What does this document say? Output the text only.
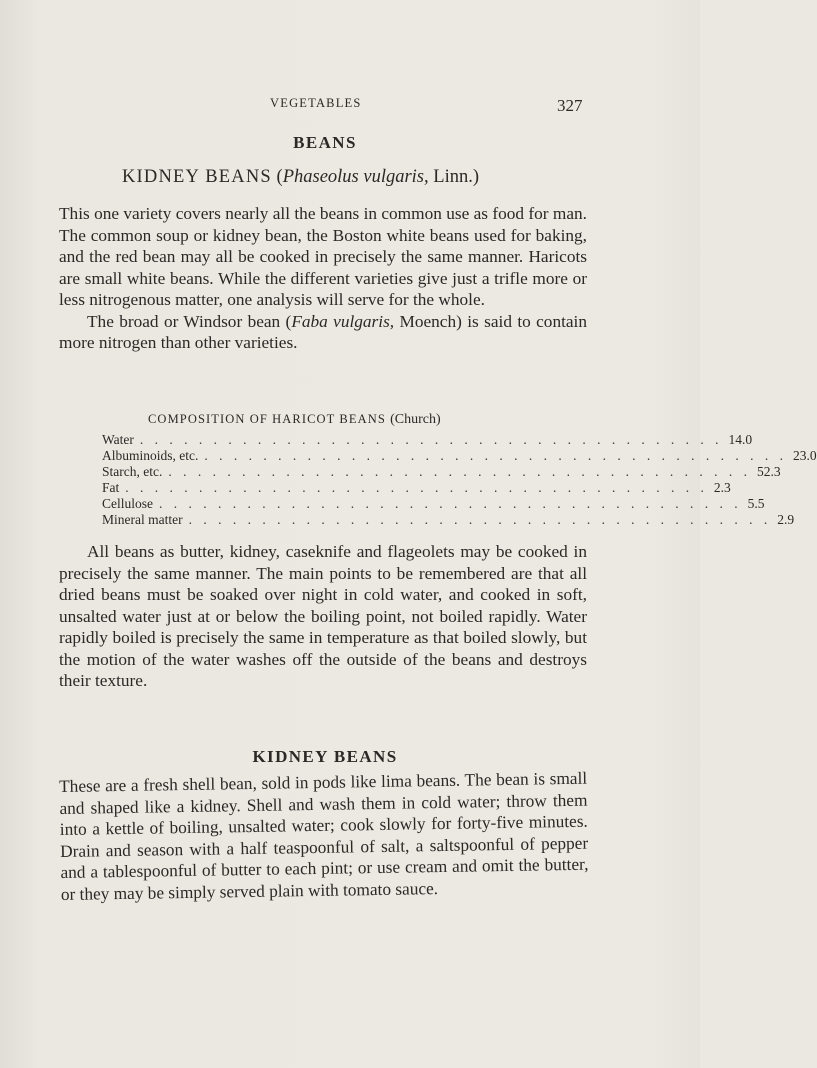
VEGETABLES	327
BEANS
KIDNEY BEANS (Phaseolus vulgaris, Linn.)

This one variety covers nearly all the beans in common use as food for man. The common soup or kidney bean, the Boston white beans used for baking, and the red bean may all be cooked in precisely the same manner. Haricots are small white beans. While the different varieties give just a trifle more or less nitrogenous matter, one analysis will serve for the whole.

The broad or Windsor bean (Faba vulgaris, Moench) is said to contain more nitrogen than other varieties.

COMPOSITION OF HARICOT BEANS (Church)
Water . . . . . . . . . . . . . . . . . . . . . . . . . . . . . . . . . . . . . . . . 14.0
Albuminoids, etc. . . . . . . . . . . . . . . . . . . . . . . . . . . . . . . . . . . . . . . . . 23.0
Starch, etc. . . . . . . . . . . . . . . . . . . . . . . . . . . . . . . . . . . . . . . . . 52.3
Fat . . . . . . . . . . . . . . . . . . . . . . . . . . . . . . . . . . . . . . . . 2.3
Cellulose . . . . . . . . . . . . . . . . . . . . . . . . . . . . . . . . . . . . . . . . 5.5
Mineral matter . . . . . . . . . . . . . . . . . . . . . . . . . . . . . . . . . . . . . . . . 2.9

All beans as butter, kidney, caseknife and flageolets may be cooked in precisely the same manner. The main points to be remembered are that all dried beans must be soaked over night in cold water, and cooked in soft, unsalted water just at or below the boiling point, not boiled rapidly. Water rapidly boiled is precisely the same in temperature as that boiled slowly, but the motion of the water washes off the outside of the beans and destroys their texture.

KIDNEY BEANS

These are a fresh shell bean, sold in pods like lima beans. The bean is small and shaped like a kidney. Shell and wash them in cold water; throw them into a kettle of boiling, unsalted water; cook slowly for forty-five minutes. Drain and season with a half teaspoonful of salt, a saltspoonful of pepper and a tablespoonful of butter to each pint; or use cream and omit the butter, or they may be simply served plain with tomato sauce.
